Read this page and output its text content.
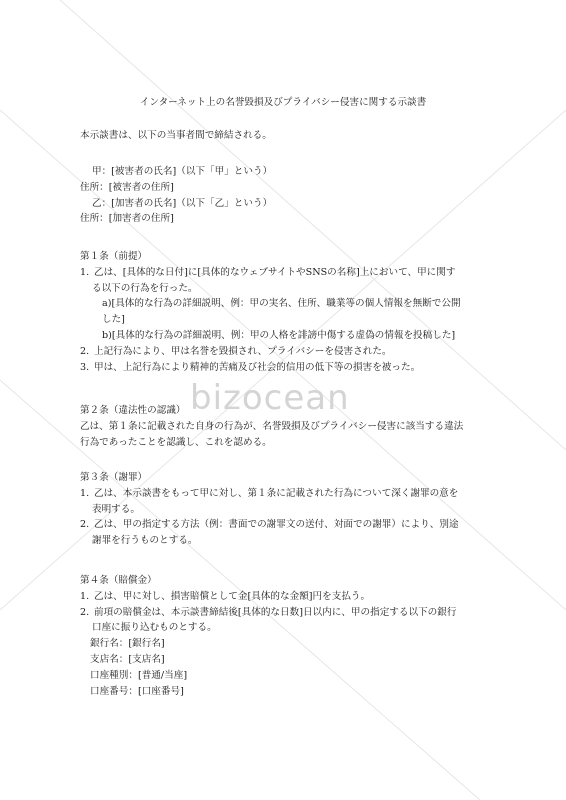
bizocean
インターネット上の名誉毀損及びプライバシー侵害に関する示談書
本示談書は、以下の当事者間で締結される。
甲：[被害者の氏名]（以下「甲」という）
住所：[被害者の住所]
乙：[加害者の氏名]（以下「乙」という）
住所：[加害者の住所]
第１条（前提）
1. 乙は、[具体的な日付]に[具体的なウェブサイトやSNSの名称]上において、甲に関す
る以下の行為を行った。
a)[具体的な行為の詳細説明、例：甲の実名、住所、職業等の個人情報を無断で公開
した]
b)[具体的な行為の詳細説明、例：甲の人格を誹謗中傷する虚偽の情報を投稿した]
2. 上記行為により、甲は名誉を毀損され、プライバシーを侵害された。
3. 甲は、上記行為により精神的苦痛及び社会的信用の低下等の損害を被った。
第２条（違法性の認識）
乙は、第１条に記載された自身の行為が、名誉毀損及びプライバシー侵害に該当する違法
行為であったことを認識し、これを認める。
第３条（謝罪）
1. 乙は、本示談書をもって甲に対し、第１条に記載された行為について深く謝罪の意を
表明する。
2. 乙は、甲の指定する方法（例：書面での謝罪文の送付、対面での謝罪）により、別途
謝罪を行うものとする。
第４条（賠償金）
1. 乙は、甲に対し、損害賠償として金[具体的な金額]円を支払う。
2. 前項の賠償金は、本示談書締結後[具体的な日数]日以内に、甲の指定する以下の銀行
口座に振り込むものとする。
銀行名：[銀行名]
支店名：[支店名]
口座種別：[普通/当座]
口座番号：[口座番号]
